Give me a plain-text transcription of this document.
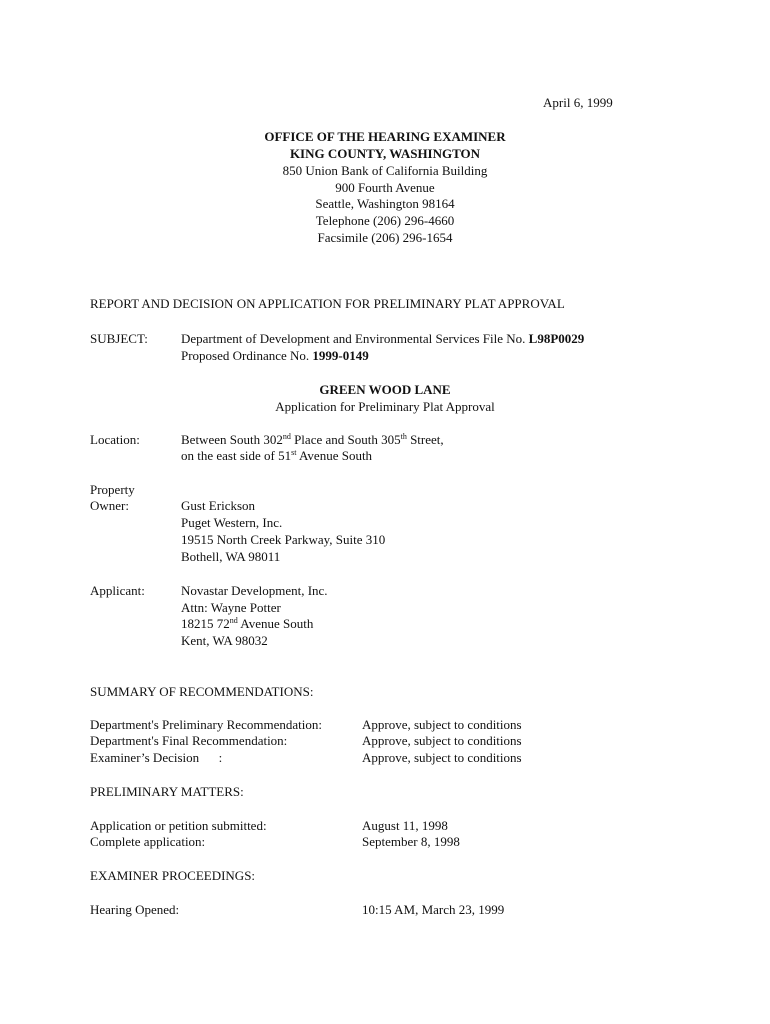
April 6, 1999
OFFICE OF THE HEARING EXAMINER
KING COUNTY, WASHINGTON
850 Union Bank of California Building
900 Fourth Avenue
Seattle, Washington 98164
Telephone (206) 296-4660
Facsimile (206) 296-1654
REPORT AND DECISION ON APPLICATION FOR PRELIMINARY PLAT APPROVAL
SUBJECT:	Department of Development and Environmental Services File No. L98P0029
Proposed Ordinance No. 1999-0149
GREEN WOOD LANE
Application for Preliminary Plat Approval
Location:	Between South 302nd Place and South 305th Street,
on the east side of 51st Avenue South
Property
Owner:	Gust Erickson
Puget Western, Inc.
19515 North Creek Parkway, Suite 310
Bothell, WA 98011
Applicant:	Novastar Development, Inc.
Attn: Wayne Potter
18215 72nd Avenue South
Kent, WA 98032
SUMMARY OF RECOMMENDATIONS:
Department's Preliminary Recommendation:	Approve, subject to conditions
Department's Final Recommendation:	Approve, subject to conditions
Examiner’s Decision      :	Approve, subject to conditions
PRELIMINARY MATTERS:
Application or petition submitted:	August 11, 1998
Complete application:	September 8, 1998
EXAMINER PROCEEDINGS:
Hearing Opened:	10:15 AM, March 23, 1999
